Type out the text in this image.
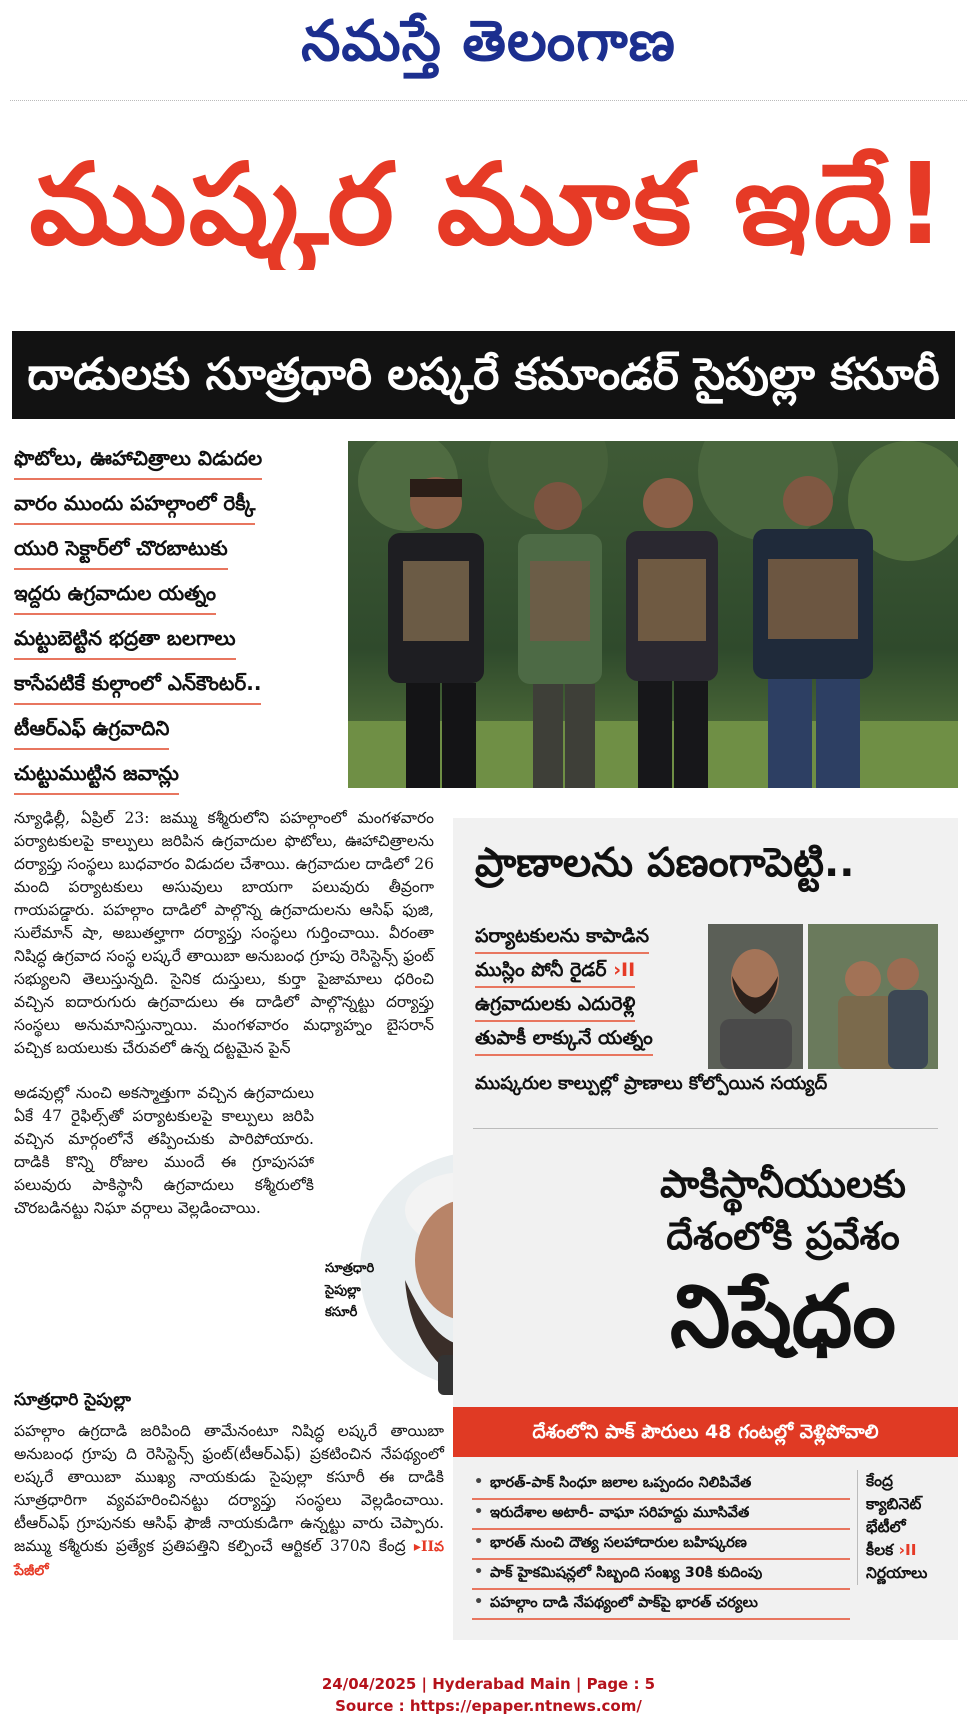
నమస్తే తెలంగాణ
ముష్కర మూక ఇదే!
దాడులకు సూత్రధారి లష్కరే కమాండర్ సైపుల్లా కసూరీ
ఫొటోలు, ఊహాచిత్రాలు విడుదల
వారం ముందు పహల్గాంలో రెక్కీ
యురి సెక్టార్‌లో చొరబాటుకు
ఇద్దరు ఉగ్రవాదుల యత్నం
మట్టుబెట్టిన భద్రతా బలగాలు
కాసేపటికే కుల్గాంలో ఎన్‌కౌంటర్..
టీఆర్‌ఎఫ్ ఉగ్రవాదిని
చుట్టుముట్టిన జవాన్లు
న్యూఢిల్లీ, ఏప్రిల్ 23: జమ్ము కశ్మీరులోని పహల్గాంలో మంగళవారం పర్యాటకులపై కాల్పులు జరిపిన ఉగ్రవాదుల ఫొటోలు, ఊహాచిత్రాలను దర్యాప్తు సంస్థలు బుధవారం విడుదల చేశాయి. ఉగ్రవాదుల దాడిలో 26 మంది పర్యాటకులు అసువులు బాయగా పలువురు తీవ్రంగా గాయపడ్డారు. పహల్గాం దాడిలో పాల్గొన్న ఉగ్రవాదులను ఆసిఫ్ ఫుజి, సులేమాన్ షా, అబుతల్హాగా దర్యాప్తు సంస్థలు గుర్తించాయి. వీరంతా నిషిద్ధ ఉగ్రవాద సంస్థ లష్కరే తాయిబా అనుబంధ గ్రూపు రెసిస్టెన్స్ ఫ్రంట్ సభ్యులని తెలుస్తున్నది. సైనిక దుస్తులు, కుర్తా పైజామాలు ధరించి వచ్చిన ఐదారుగురు ఉగ్రవాదులు ఈ దాడిలో పాల్గొన్నట్టు దర్యాప్తు సంస్థలు అనుమానిస్తున్నాయి. మంగళవారం మధ్యాహ్నం బైసరాన్ పచ్చిక బయలుకు చేరువలో ఉన్న దట్టమైన పైన్
అడవుల్లో నుంచి అకస్మాత్తుగా వచ్చిన ఉగ్రవాదులు ఏకే 47 రైఫిల్స్‌తో పర్యాటకులపై కాల్పులు జరిపి వచ్చిన మార్గంలోనే తప్పించుకు పారిపోయారు. దాడికి కొన్ని రోజుల ముందే ఈ గ్రూపుసహా పలువురు పాకిస్థానీ ఉగ్రవాదులు కశ్మీరులోకి చొరబడినట్టు నిఘా వర్గాలు వెల్లడించాయి.
సూత్రధారి
సైపుల్లా
కసూరీ
సూత్రధారి సైపుల్లా
పహల్గాం ఉగ్రదాడి జరిపింది తామేనంటూ నిషిద్ధ లష్కరే తాయిబా అనుబంధ గ్రూపు ది రెసిస్టెన్స్ ఫ్రంట్(టీఆర్‌ఎఫ్) ప్రకటించిన నేపథ్యంలో లష్కరే తాయిబా ముఖ్య నాయకుడు సైపుల్లా కసూరీ ఈ దాడికి సూత్రధారిగా వ్యవహరించినట్టు దర్యాప్తు సంస్థలు వెల్లడించాయి. టీఆర్‌ఎఫ్ గ్రూపునకు ఆసిఫ్ ఫౌజీ నాయకుడిగా ఉన్నట్టు వారు చెప్పారు. జమ్ము కశ్మీరుకు ప్రత్యేక ప్రతిపత్తిని కల్పించే ఆర్టికల్ 370ని కేంద్ర ▸IIవ పేజీలో
ప్రాణాలను పణంగాపెట్టి..
పర్యాటకులను కాపాడిన
ముస్లిం పోనీ రైడర్ ›II
ఉగ్రవాదులకు ఎదురెళ్లి
తుపాకీ లాక్కునే యత్నం
ముష్కరుల కాల్పుల్లో ప్రాణాలు కోల్పోయిన సయ్యద్
పాకిస్థానీయులకు
దేశంలోకి ప్రవేశం
నిషేధం
దేశంలోని పాక్ పౌరులు 48 గంటల్లో వెళ్లిపోవాలి
• భారత్-పాక్ సింధూ జలాల ఒప్పందం నిలిపివేత
• ఇరుదేశాల అటారీ- వాఘా సరిహద్దు మూసివేత
• భారత్ నుంచి దౌత్య సలహాదారుల బహిష్కరణ
• పాక్ హైకమిషన్లలో సిబ్బంది సంఖ్య 30కి కుదింపు
• పహల్గాం దాడి నేపథ్యంలో పాక్‌పై భారత్ చర్యలు
కేంద్ర
క్యాబినెట్
భేటీలో
కీలక ›II
నిర్ణయాలు
24/04/2025 | Hyderabad Main | Page : 5
Source : https://epaper.ntnews.com/
